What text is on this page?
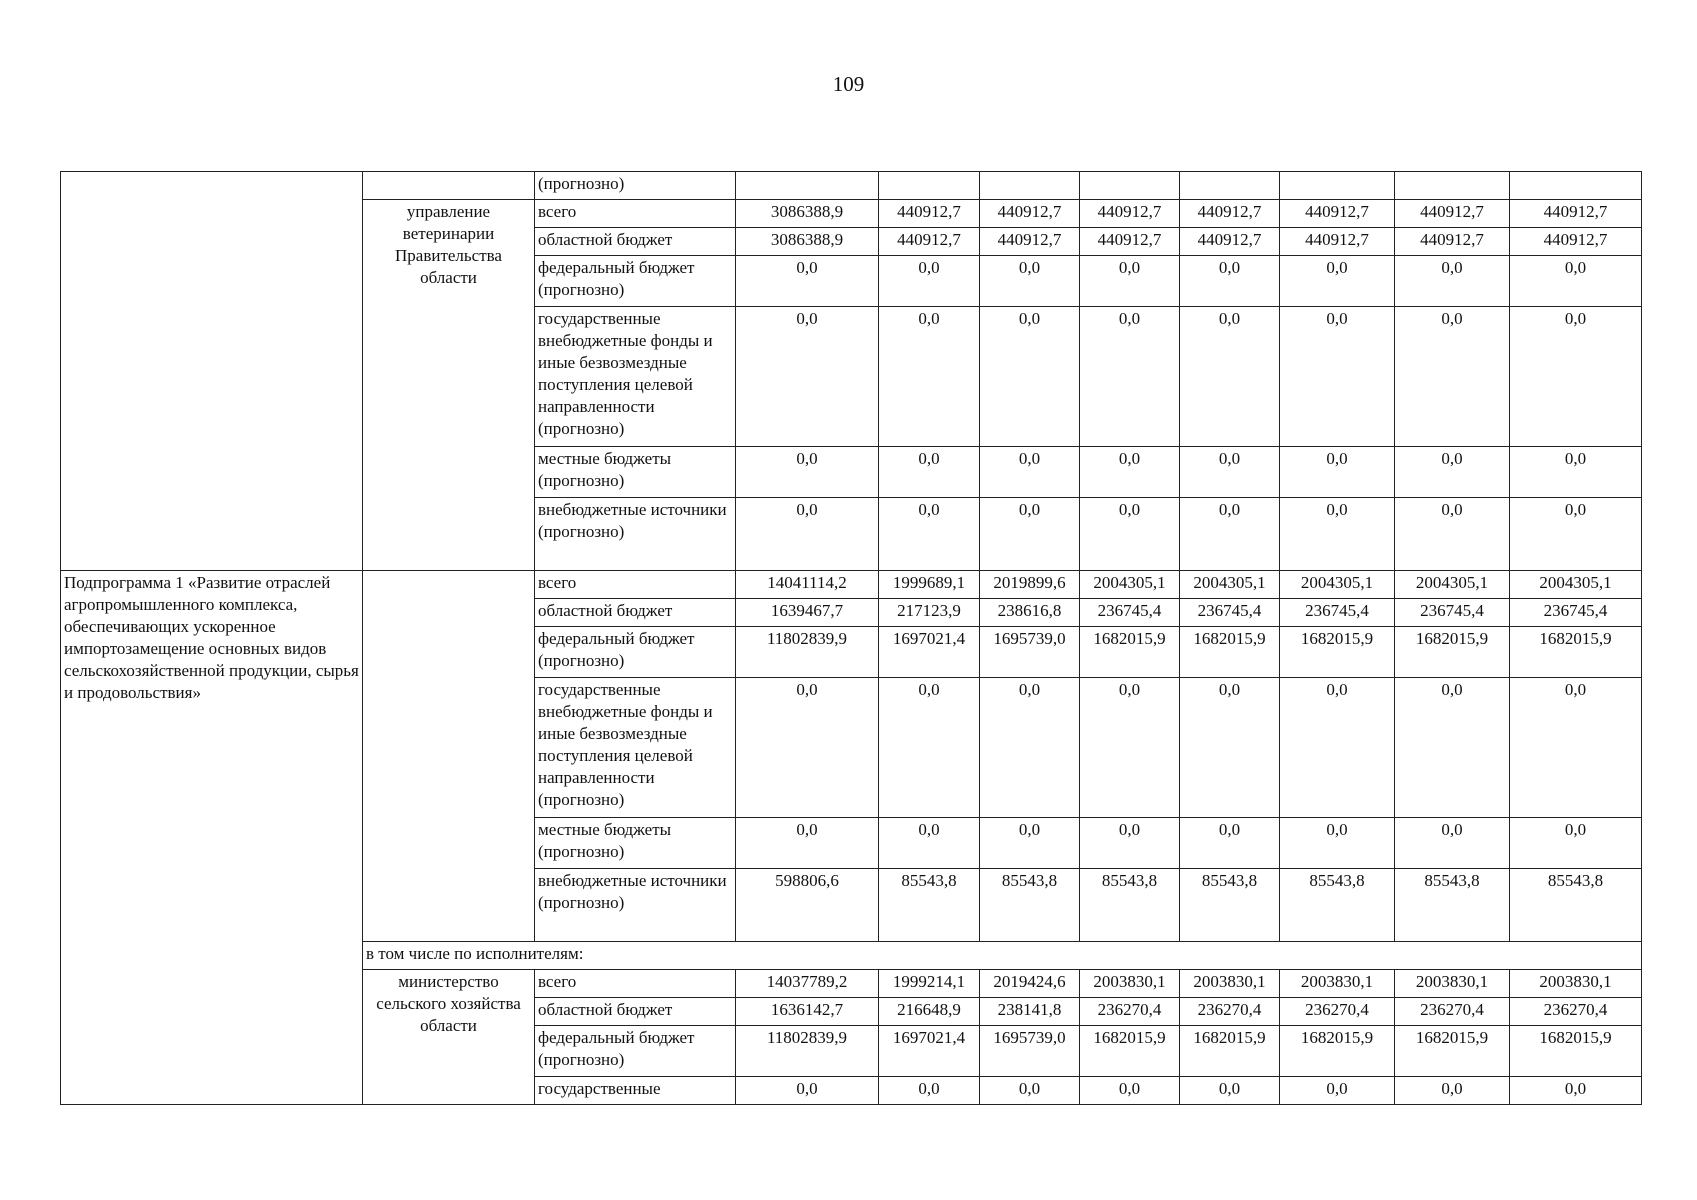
109
		(прогнозно)								
	управление ветеринарии Правительства области	всего	3086388,9	440912,7	440912,7	440912,7	440912,7	440912,7	440912,7	440912,7
		областной бюджет	3086388,9	440912,7	440912,7	440912,7	440912,7	440912,7	440912,7	440912,7
		федеральный бюджет (прогнозно)	0,0	0,0	0,0	0,0	0,0	0,0	0,0	0,0
		государственные внебюджетные фонды и иные безвозмездные поступления целевой направленности (прогнозно)	0,0	0,0	0,0	0,0	0,0	0,0	0,0	0,0
		местные бюджеты (прогнозно)	0,0	0,0	0,0	0,0	0,0	0,0	0,0	0,0
		внебюджетные источники (прогнозно)	0,0	0,0	0,0	0,0	0,0	0,0	0,0	0,0
Подпрограмма 1 «Развитие отраслей агропромышленного комплекса, обеспечивающих ускоренное импортозамещение основных видов сельскохозяйственной продукции, сырья и продовольствия»		всего	14041114,2	1999689,1	2019899,6	2004305,1	2004305,1	2004305,1	2004305,1	2004305,1
		областной бюджет	1639467,7	217123,9	238616,8	236745,4	236745,4	236745,4	236745,4	236745,4
		федеральный бюджет (прогнозно)	11802839,9	1697021,4	1695739,0	1682015,9	1682015,9	1682015,9	1682015,9	1682015,9
		государственные внебюджетные фонды и иные безвозмездные поступления целевой направленности (прогнозно)	0,0	0,0	0,0	0,0	0,0	0,0	0,0	0,0
		местные бюджеты (прогнозно)	0,0	0,0	0,0	0,0	0,0	0,0	0,0	0,0
		внебюджетные источники (прогнозно)	598806,6	85543,8	85543,8	85543,8	85543,8	85543,8	85543,8	85543,8
	в том числе по исполнителям:									
	министерство сельского хозяйства области	всего	14037789,2	1999214,1	2019424,6	2003830,1	2003830,1	2003830,1	2003830,1	2003830,1
		областной бюджет	1636142,7	216648,9	238141,8	236270,4	236270,4	236270,4	236270,4	236270,4
		федеральный бюджет (прогнозно)	11802839,9	1697021,4	1695739,0	1682015,9	1682015,9	1682015,9	1682015,9	1682015,9
		государственные	0,0	0,0	0,0	0,0	0,0	0,0	0,0	0,0
